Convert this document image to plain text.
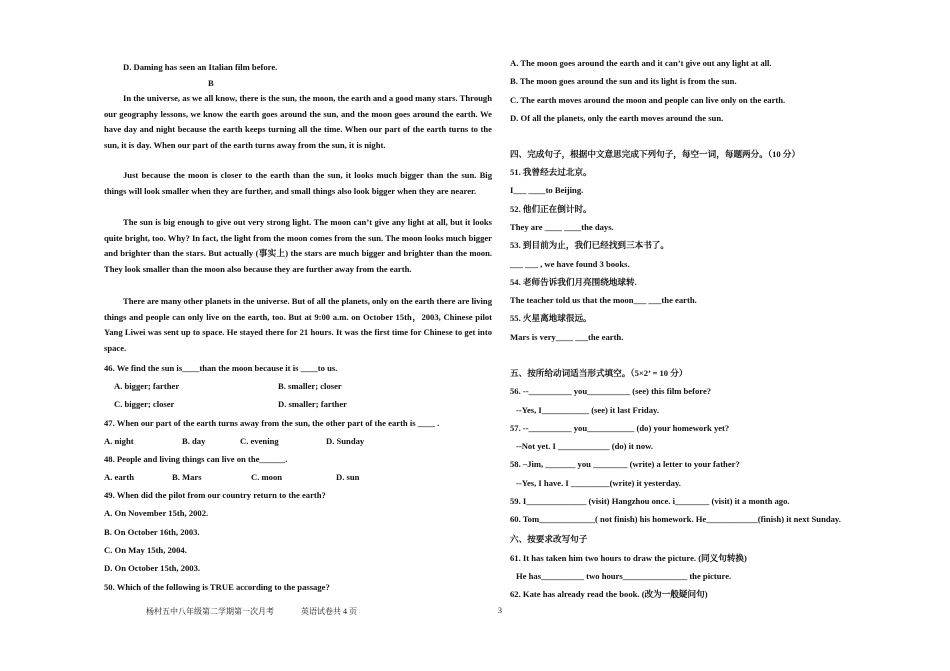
D. Daming has seen an Italian film before.
B
In the universe, as we all know, there is the sun, the moon, the earth and a good many stars. Through our geography lessons, we know the earth goes around the sun, and the moon goes around the earth. We have day and night because the earth keeps turning all the time. When our part of the earth turns to the sun, it is day. When our part of the earth turns away from the sun, it is night.
Just because the moon is closer to the earth than the sun, it looks much bigger than the sun. Big things will look smaller when they are further, and small things also look bigger when they are nearer.
The sun is big enough to give out very strong light. The moon can’t give any light at all, but it looks quite bright, too. Why? In fact, the light from the moon comes from the sun. The moon looks much bigger and brighter than the stars. But actually (事实上) the stars are much bigger and brighter than the moon. They look smaller than the moon also because they are further away from the earth.
There are many other planets in the universe. But of all the planets, only on the earth there are living things and people can only live on the earth, too. But at 9:00 a.m. on October 15th，2003, Chinese pilot Yang Liwei was sent up to space. He stayed there for 21 hours. It was the first time for Chinese to get into space.
46. We find the sun is____than the moon because it is ____to us.
A. bigger; farther	B. smaller; closer
C. bigger; closer	D. smaller; farther
47. When our part of the earth turns away from the sun, the other part of the earth is ____ .
A. night	B. day	C. evening	D. Sunday
48. People and living things can live on the______.
A. earth	B. Mars	C. moon	D. sun
49. When did the pilot from our country return to the earth?
A. On November 15th, 2002.
B. On October 16th, 2003.
C. On May 15th, 2004.
D. On October 15th, 2003.
50. Which of the following is TRUE according to the passage?
A. The moon goes around the earth and it can’t give out any light at all.
B. The moon goes around the sun and its light is from the sun.
C. The earth moves around the moon and people can live only on the earth.
D. Of all the planets, only the earth moves around the sun.
四、完成句子，根据中文意思完成下列句子，每空一词，每题两分。（10 分）
51. 我曾经去过北京。
I___ ____to Beijing.
52. 他们正在倒计时。
They are ____ ____the days.
53. 到目前为止，我们已经找到三本书了。
___ ___ , we have found 3 books.
54. 老师告诉我们月亮围绕地球转.
The teacher told us that the moon___ ___the earth.
55. 火星离地球很远。
Mars is very____ ___the earth.
五、按所给动词适当形式填空。（5×2’ = 10 分）
56. --__________ you__________ (see) this film before?
--Yes, I___________ (see) it last Friday.
57. --__________ you___________ (do) your homework yet?
--Not yet. I ____________ (do) it now.
58. –Jim, _______ you ________ (write) a letter to your father?
--Yes, I have. I _________(write) it yesterday.
59. I______________ (visit) Hangzhou once. i________ (visit) it a month ago.
60. Tom_____________( not finish) his homework. He____________(finish) it next Sunday.
六、按要求改写句子
61. It has taken him two hours to draw the picture. (同义句转换)
He has__________ two hours_______________ the picture.
62. Kate has already read the book. (改为一般疑问句)
杨村五中八年级第二学期第一次月考	英语试卷共 4 页	3
